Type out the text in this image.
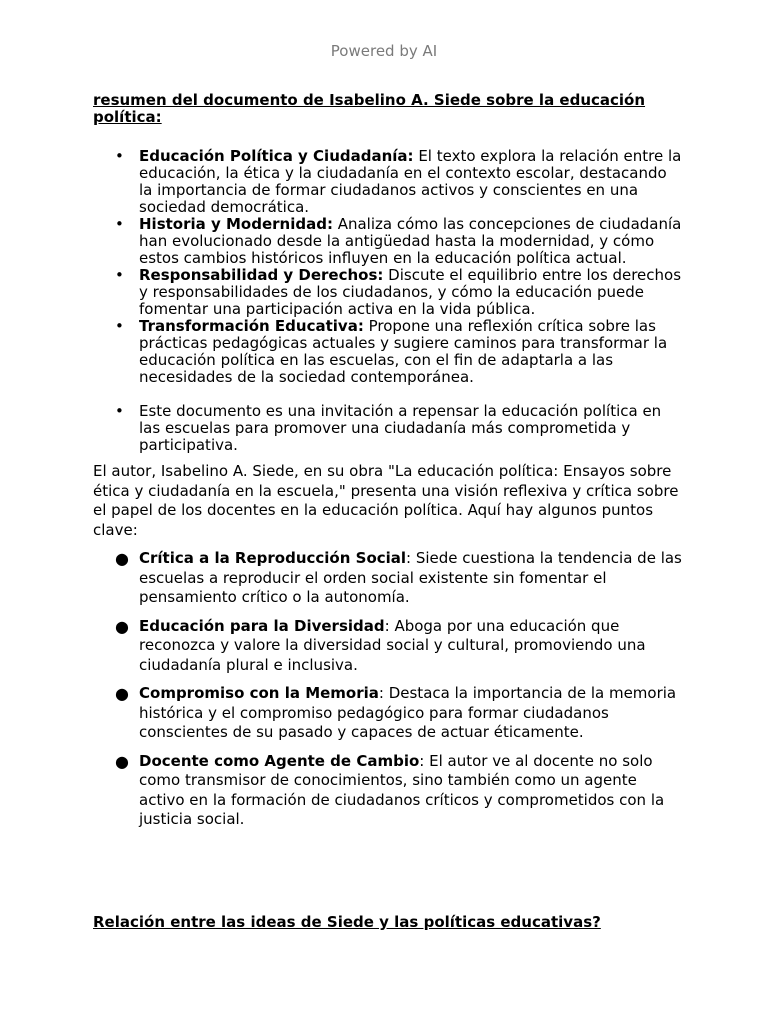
Powered by AI
resumen del documento de Isabelino A. Siede sobre la educación política:
• Educación Política y Ciudadanía: El texto explora la relación entre la educación, la ética y la ciudadanía en el contexto escolar, destacando la importancia de formar ciudadanos activos y conscientes en una sociedad democrática.
• Historia y Modernidad: Analiza cómo las concepciones de ciudadanía han evolucionado desde la antigüedad hasta la modernidad, y cómo estos cambios históricos influyen en la educación política actual.
• Responsabilidad y Derechos: Discute el equilibrio entre los derechos y responsabilidades de los ciudadanos, y cómo la educación puede fomentar una participación activa en la vida pública.
• Transformación Educativa: Propone una reflexión crítica sobre las prácticas pedagógicas actuales y sugiere caminos para transformar la educación política en las escuelas, con el fin de adaptarla a las necesidades de la sociedad contemporánea.
• Este documento es una invitación a repensar la educación política en las escuelas para promover una ciudadanía más comprometida y participativa.

El autor, Isabelino A. Siede, en su obra "La educación política: Ensayos sobre ética y ciudadanía en la escuela," presenta una visión reflexiva y crítica sobre el papel de los docentes en la educación política. Aquí hay algunos puntos clave:

● Crítica a la Reproducción Social: Siede cuestiona la tendencia de las escuelas a reproducir el orden social existente sin fomentar el pensamiento crítico o la autonomía.
● Educación para la Diversidad: Aboga por una educación que reconozca y valore la diversidad social y cultural, promoviendo una ciudadanía plural e inclusiva.
● Compromiso con la Memoria: Destaca la importancia de la memoria histórica y el compromiso pedagógico para formar ciudadanos conscientes de su pasado y capaces de actuar éticamente.
● Docente como Agente de Cambio: El autor ve al docente no solo como transmisor de conocimientos, sino también como un agente activo en la formación de ciudadanos críticos y comprometidos con la justicia social.
Relación entre las ideas de Siede y las políticas educativas?
